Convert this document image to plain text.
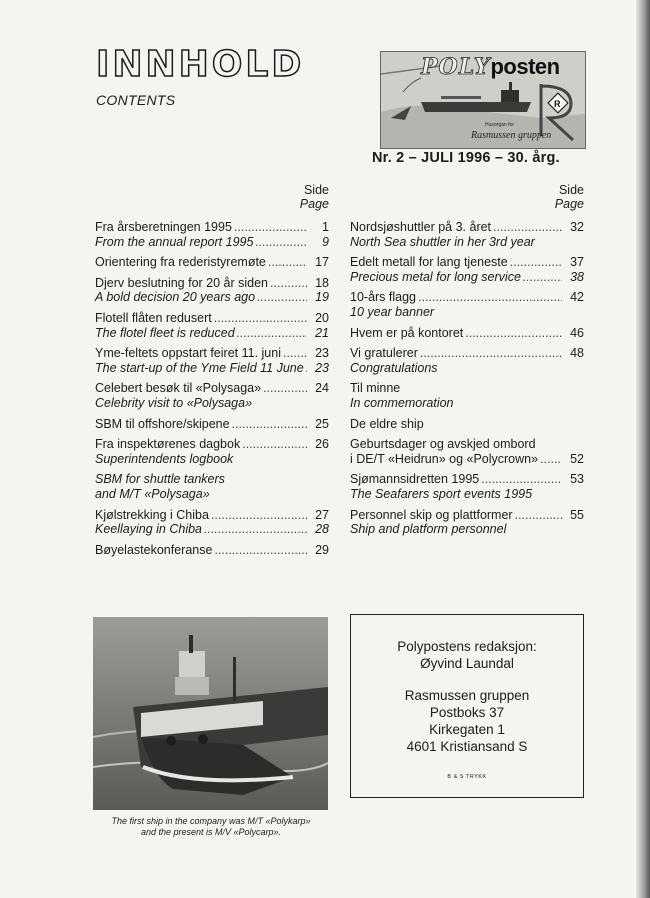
INNHOLD
CONTENTS	R
POLYposten
Husorgan for
Rasmussen gruppen
Nr. 2 – JULI 1996 – 30. årg.
Side
Page
Fra årsberetningen 1995 .....	1
From the annual report 1995 .....	9
Orientering fra rederistyremøte .....	17
Djerv beslutning for 20 år siden .....	18
A bold decision 20 years ago .....	19
Flotell flåten redusert .....	20
The flotel fleet is reduced .....	21
Yme-feltets oppstart feiret 11. juni .....	23
The start-up of the Yme Field 11 June ..... 23
Celebert besøk til «Polysaga» .....	24
Celebrity visit to «Polysaga»
SBM til offshore/skipene .....	25
Fra inspektørenes dagbok .....	26
Superintendents logbook
SBM for shuttle tankers
and M/T «Polysaga»
Kjølstrekking i Chiba .....	27
Keellaying in Chiba .....	28
Bøyelastekonferanse .....	29
Side
Page
Nordsjøshuttler på 3. året .....	32
North Sea shuttler in her 3rd year
Edelt metall for lang tjeneste .....	37
Precious metal for long service .....	38
10-års flagg .....	42
10 year banner
Hvem er på kontoret .....	46
Vi gratulerer .....	48
Congratulations
Til minne
In commemoration
De eldre ship
Geburtsdager og avskjed ombord
i DE/T «Heidrun» og «Polycrown» .....	52
Sjømannsidretten 1995 .....	53
The Seafarers sport events 1995
Personnel skip og plattformer .....	55
Ship and platform personnel
The first ship in the company was M/T «Polykarp»
and the present is M/V «Polycarp».
Polypostens redaksjon:
Øyvind Laundal
Rasmussen gruppen
Postboks 37
Kirkegaten 1
4601 Kristiansand S
B & S TRYKK
